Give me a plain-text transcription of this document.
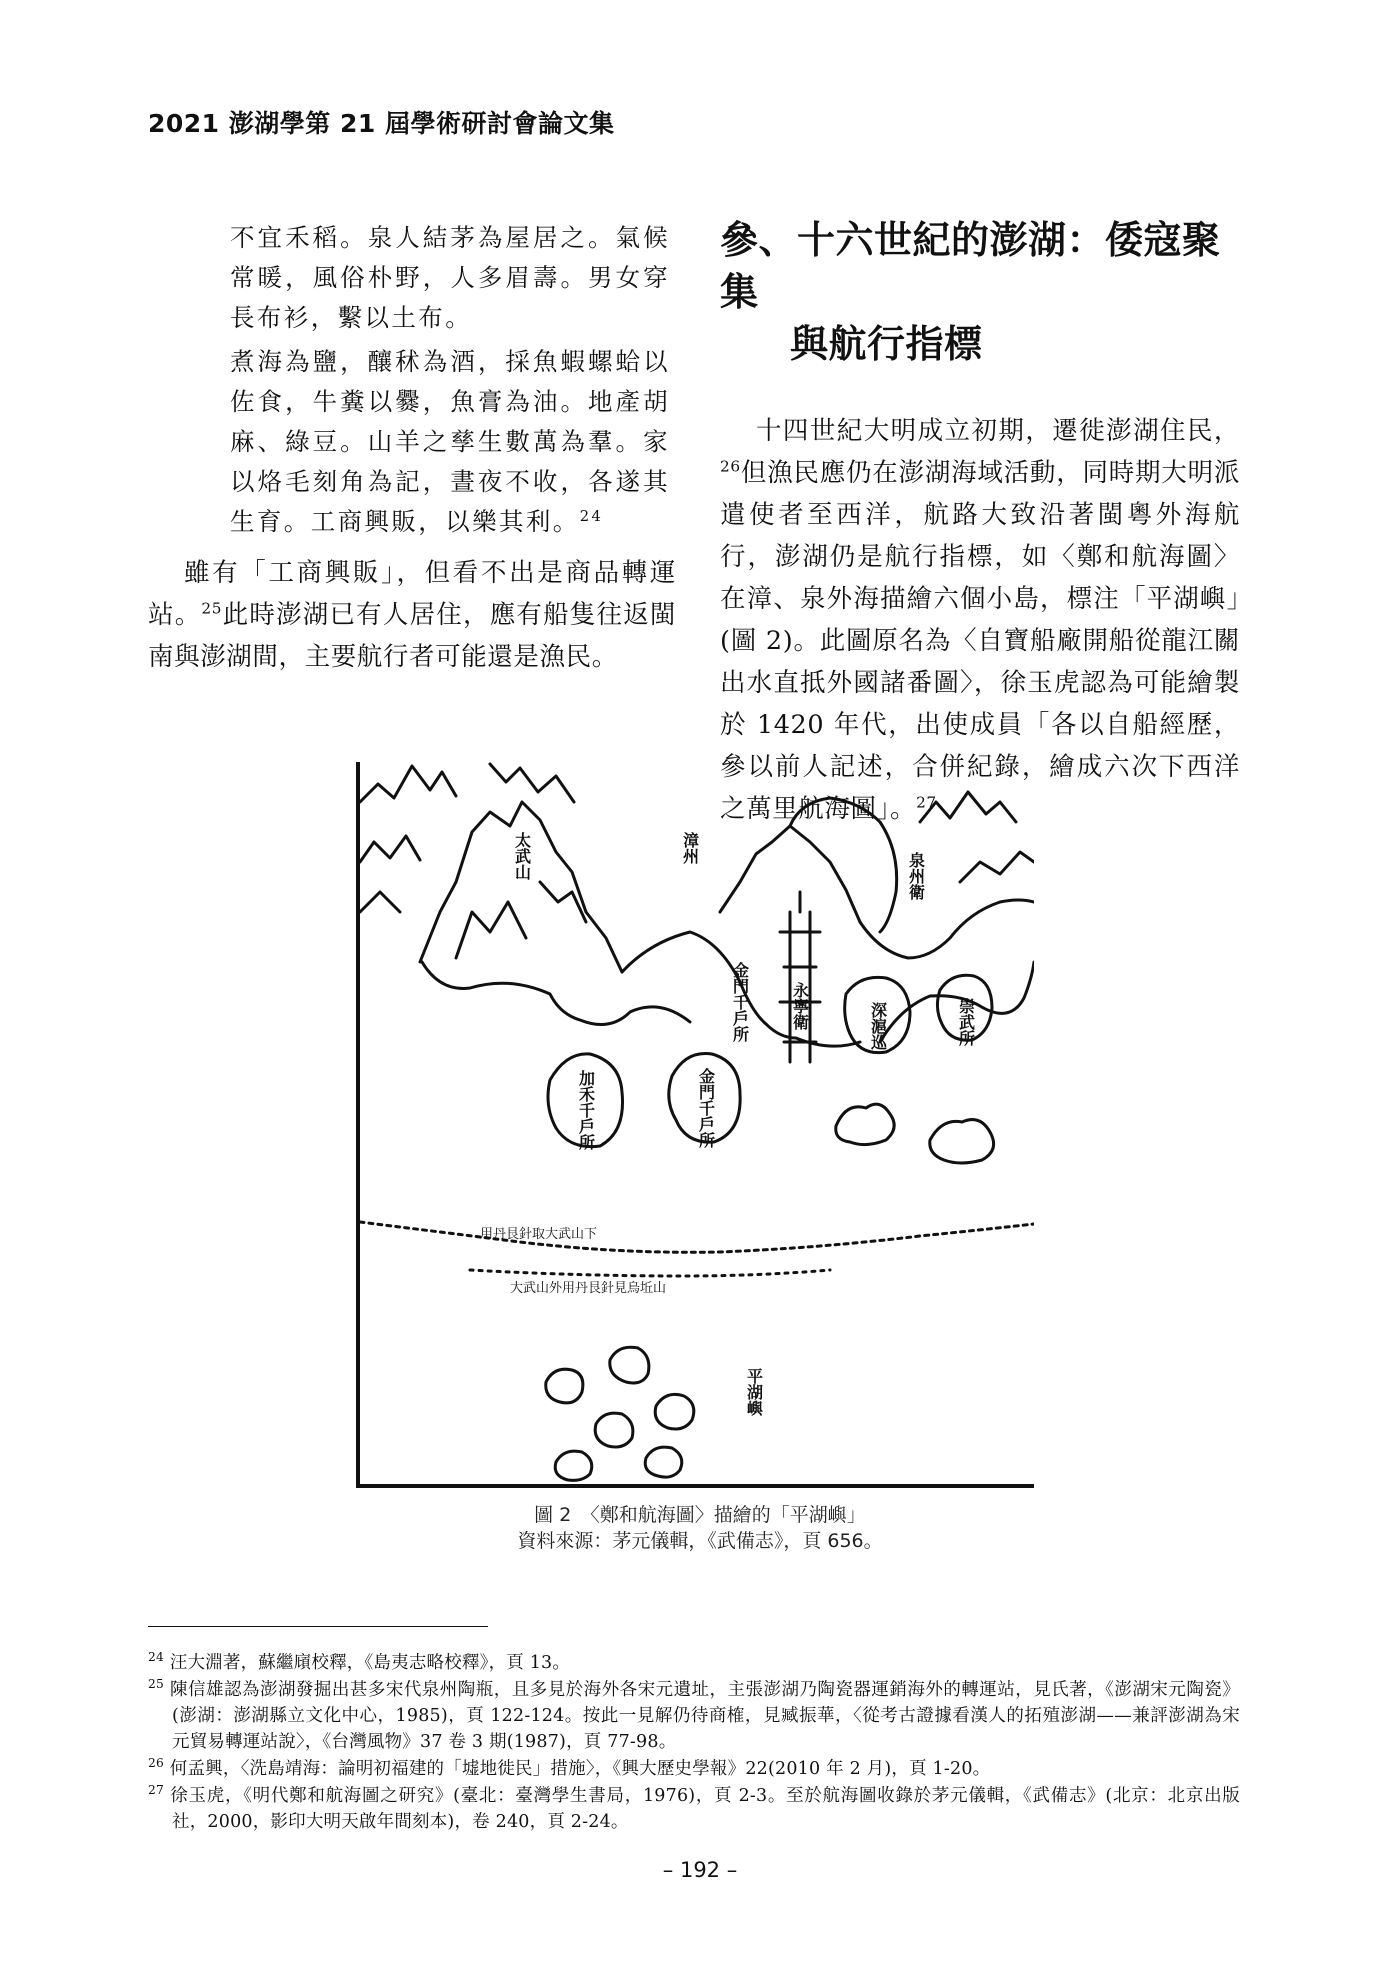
2021 澎湖學第 21 屆學術研討會論文集

不宜禾稻。泉人結茅為屋居之。氣候常暖，風俗朴野，人多眉壽。男女穿長布衫，繫以土布。

煮海為鹽，釀秫為酒，採魚蝦螺蛤以佐食，牛糞以爨，魚膏為油。地產胡麻、綠豆。山羊之孳生數萬為羣。家以烙毛刻角為記，晝夜不收，各遂其生育。工商興販，以樂其利。$^{24}$

雖有「工商興販」，但看不出是商品轉運站。$^{25}$此時澎湖已有人居住，應有船隻往返閩南與澎湖間，主要航行者可能還是漁民。

參、十六世紀的澎湖：倭寇聚集
與航行指標

十四世紀大明成立初期，遷徙澎湖住民，$^{26}$但漁民應仍在澎湖海域活動，同時期大明派遣使者至西洋，航路大致沿著閩粵外海航行，澎湖仍是航行指標，如〈鄭和航海圖〉在漳、泉外海描繪六個小島，標注「平湖嶼」(圖 2)。此圖原名為〈自寶船廠開船從龍江關出水直抵外國諸番圖〉，徐玉虎認為可能繪製於 1420 年代，出使成員「各以自船經歷，參以前人記述，合併紀錄，繪成六次下西洋之萬里航海圖」。$^{27}$

太武山	漳州
泉州衛
金門千戶所	永寧衛	深滬巡	崇武所
加禾千戶所	金門千戶所
平湖嶼
用丹艮針取大武山下
大武山外用丹艮針見烏坵山
圖 2　〈鄭和航海圖〉描繪的「平湖嶼」
資料來源：茅元儀輯，《武備志》，頁 656。

$^{24}$ 汪大淵著，蘇繼廎校釋，《島夷志略校釋》，頁 13。

$^{25}$ 陳信雄認為澎湖發掘出甚多宋代泉州陶瓶，且多見於海外各宋元遺址，主張澎湖乃陶瓷器運銷海外的轉運站，見氏著，《澎湖宋元陶瓷》(澎湖：澎湖縣立文化中心，1985)，頁 122-124。按此一見解仍待商榷，見臧振華，〈從考古證據看漢人的拓殖澎湖——兼評澎湖為宋元貿易轉運站說〉，《台灣風物》37 卷 3 期(1987)，頁 77-98。

$^{26}$ 何孟興，〈洗島靖海：論明初福建的「墟地徙民」措施〉，《興大歷史學報》22(2010 年 2 月)，頁 1-20。

$^{27}$ 徐玉虎，《明代鄭和航海圖之研究》(臺北：臺灣學生書局，1976)，頁 2-3。至於航海圖收錄於茅元儀輯，《武備志》(北京：北京出版社，2000，影印大明天啟年間刻本)，卷 240，頁 2-24。

– 192 –
